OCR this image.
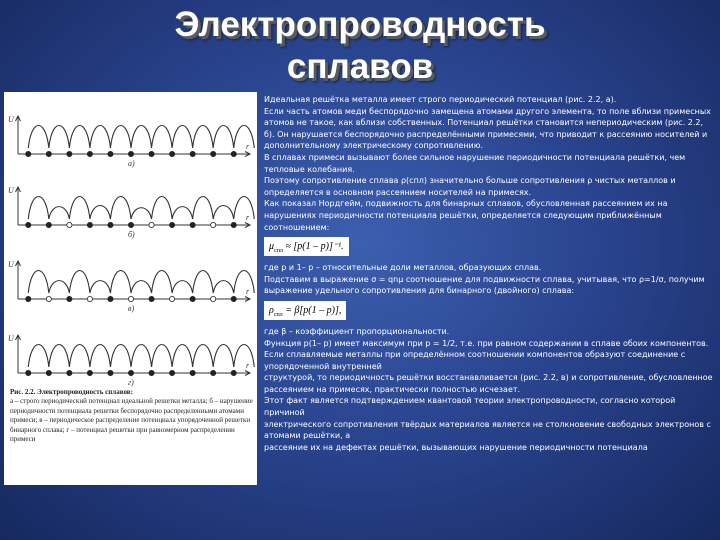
Электропроводность
сплавов
U
r
а)
U
r
б)
U
r
в)
U
r
г)
Рис. 2.2. Электропроводность сплавов:
а – строго периодический потенциал идеальной решетки металла; б – нарушение периодичности потенциала решетки беспорядочно распределенными атомами примеси; в – периодическое распределение потенциала упорядоченной решетки бинарного сплава; г – потенциал решетки при равномерном распределении примеси

Идеальная решётка металла имеет строго периодический потенциал (рис. 2.2, а).

Если часть атомов меди беспорядочно замещена атомами другого элемента, то поле вблизи примесных атомов не такое, как вблизи собственных. Потенциал решётки становится непериодическим (рис. 2.2, б). Он нарушается беспорядочно распределёнными примесями, что приводит к рассеянию носителей и дополнительному электрическому сопротивлению.

В сплавах примеси вызывают более сильное нарушение периодичности потенциала решётки, чем тепловые колебания.

Поэтому сопротивление сплава ρ(спл) значительно больше сопротивления ρ чистых металлов и определяется в основном рассеянием носителей на примесях.

Как показал Нордгейм, подвижность для бинарных сплавов, обусловленная рассеянием их на нарушениях периодичности потенциала решётки, определяется следующим приближённым соотношением:

$\mu_{спл} \approx [p(1 - p)]^{-1}$.

где p и 1– p – относительные доли металлов, образующих сплав.

Подставим в выражение σ = qnμ соотношение для подвижности сплава, учитывая, что ρ=1/σ, получим выражение удельного сопротивления для бинарного (двойного) сплава:

$\rho_{спл} = \beta[p(1 - p)]$,

где β – коэффициент пропорциональности.

Функция p(1– p) имеет максимум при p = 1/2, т.е. при равном содержании в сплаве обоих компонентов. Если сплавляемые металлы при определённом соотношении компонентов образуют соединение с упорядоченной внутренней

структурой, то периодичность решётки восстанавливается (рис. 2.2, в) и сопротивление, обусловленное рассеянием на примесях, практически полностью исчезает.

Этот факт является подтверждением квантовой теории электропроводности, согласно которой причиной

электрического сопротивления твёрдых материалов является не столкновение свободных электронов с атомами решётки, а

рассеяние их на дефектах решётки, вызывающих нарушение периодичности потенциала
